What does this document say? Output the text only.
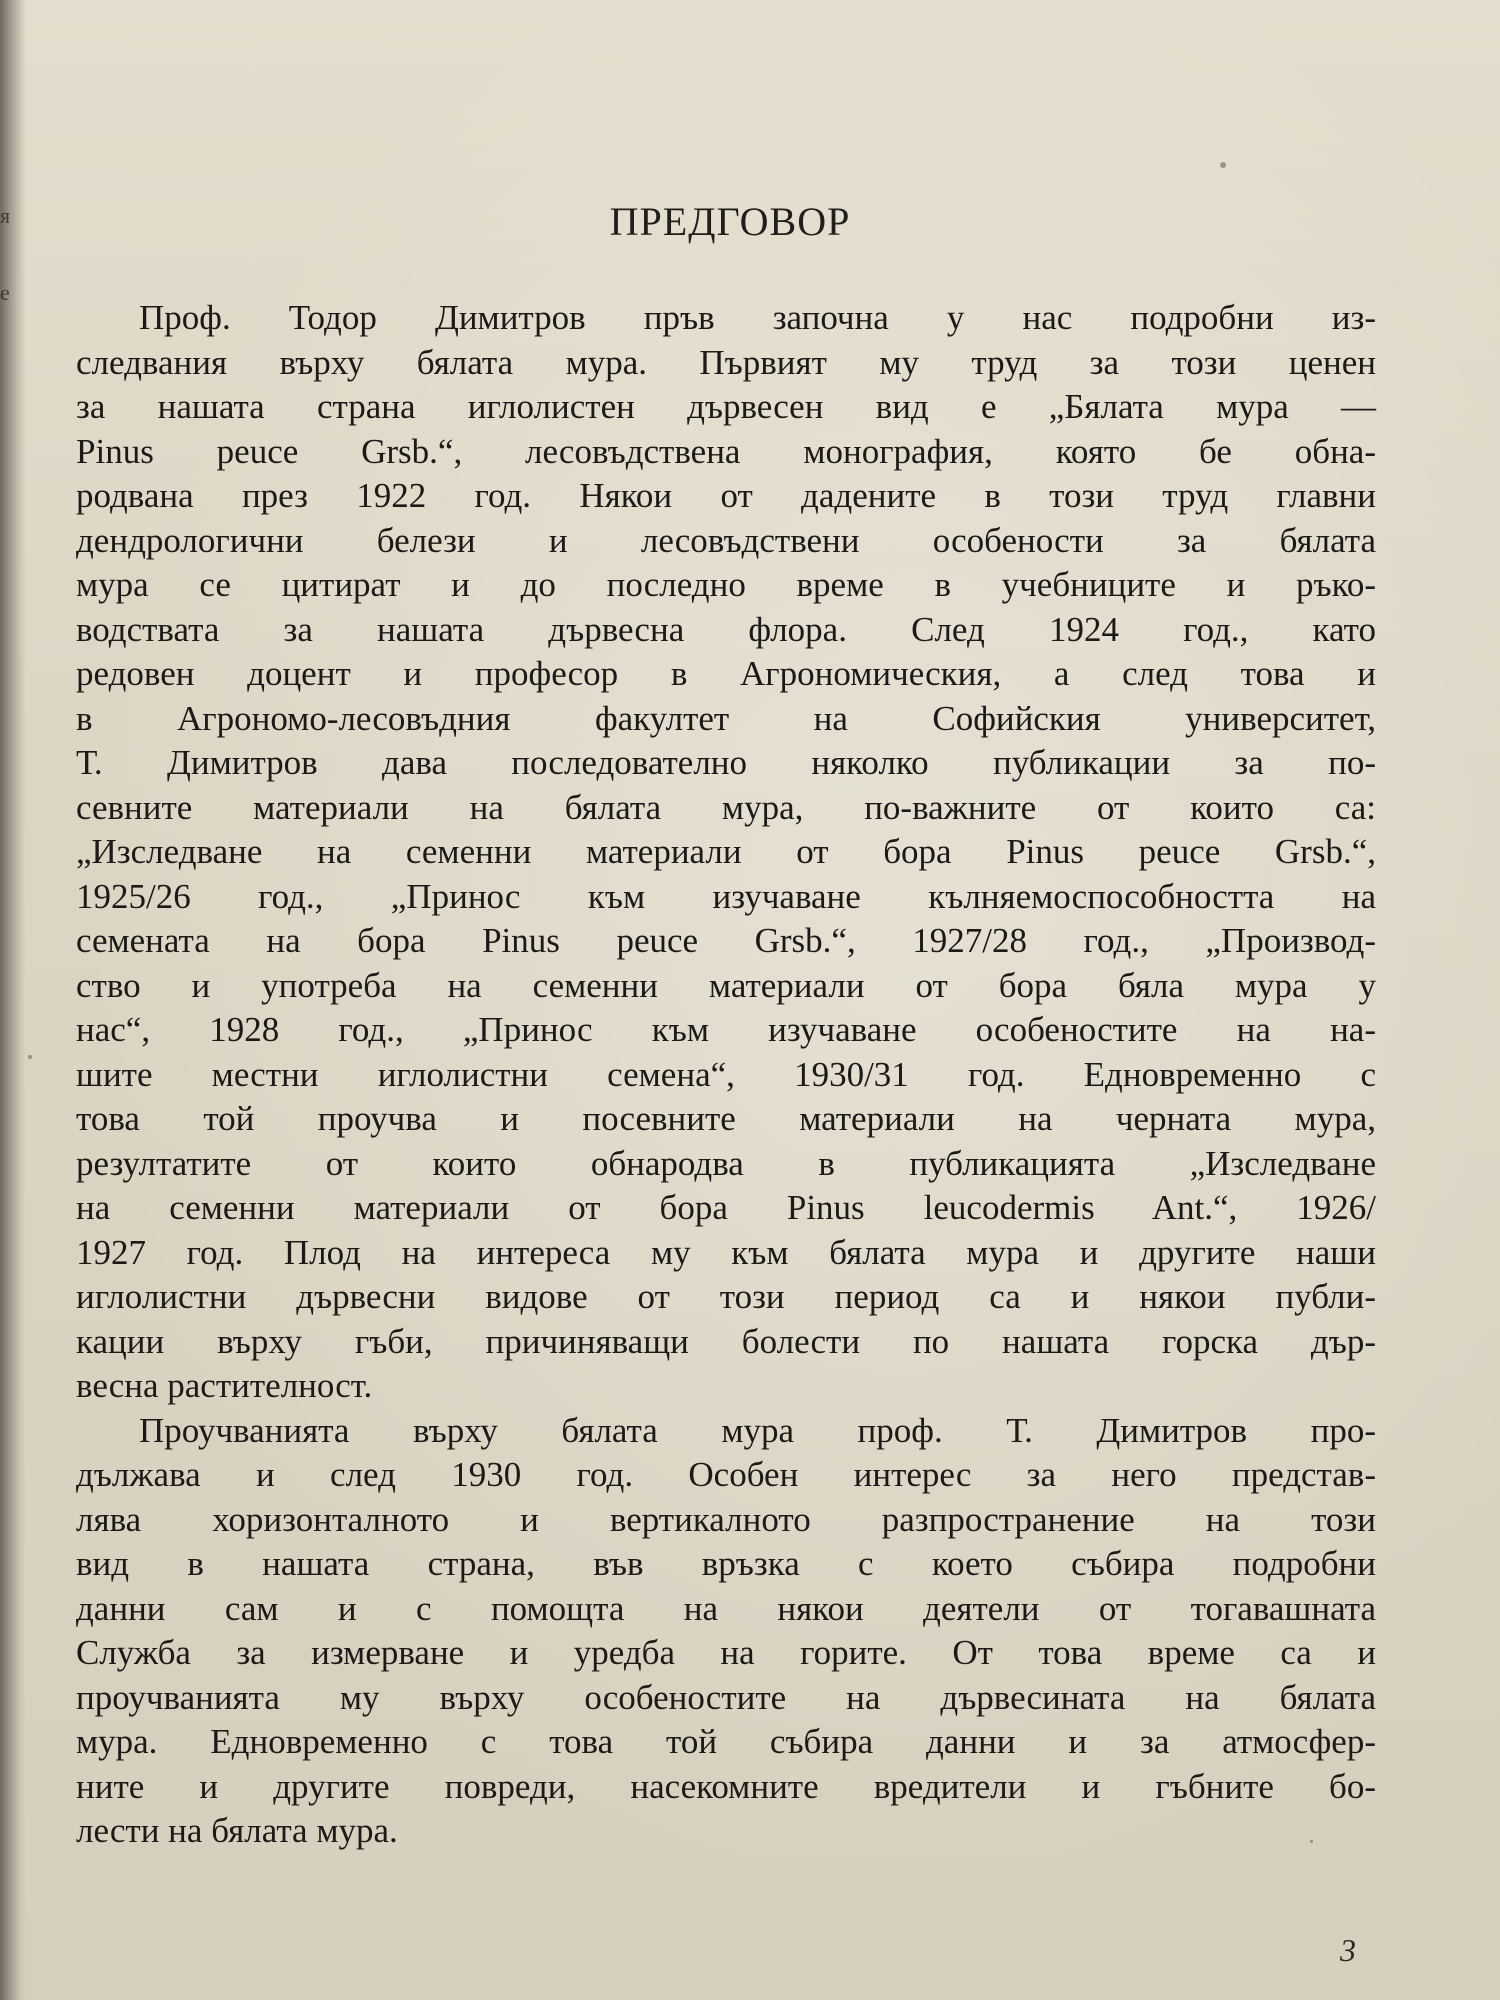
я
е
ПРЕДГОВОР
Проф. Тодор Димитров пръв започна у нас подробни из-
следвания върху бялата мура. Първият му труд за този ценен
за нашата страна иглолистен дървесен вид е „Бялата мура —
Pinus peuce Grsb.“, лесовъдствена монография, която бе обна-
родвана през 1922 год. Някои от дадените в този труд главни
дендрологични белези и лесовъдствени особености за бялата
мура се цитират и до последно време в учебниците и ръко-
водствата за нашата дървесна флора. След 1924 год., като
редовен доцент и професор в Агрономическия, а след това и
в Агрономо-лесовъдния факултет на Софийския университет,
Т. Димитров дава последователно няколко публикации за по-
севните материали на бялата мура, по-важните от които са:
„Изследване на семенни материали от бора Pinus peuce Grsb.“,
1925/26 год., „Принос към изучаване кълняемоспособността на
семената на бора Pinus peuce Grsb.“, 1927/28 год., „Производ-
ство и употреба на семенни материали от бора бяла мура у
нас“, 1928 год., „Принос към изучаване особеностите на на-
шите местни иглолистни семена“, 1930/31 год. Едновременно с
това той проучва и посевните материали на черната мура,
резултатите от които обнародва в публикацията „Изследване
на семенни материали от бора Pinus leucodermis Ant.“, 1926/
1927 год. Плод на интереса му към бялата мура и другите наши
иглолистни дървесни видове от този период са и някои публи-
кации върху гъби, причиняващи болести по нашата горска дър-
весна растителност.
Проучванията върху бялата мура проф. Т. Димитров про-
дължава и след 1930 год. Особен интерес за него представ-
лява хоризонталното и вертикалното разпространение на този
вид в нашата страна, във връзка с което събира подробни
данни сам и с помощта на някои деятели от тогавашната
Служба за измерване и уредба на горите. От това време са и
проучванията му върху особеностите на дървесината на бялата
мура. Едновременно с това той събира данни и за атмосфер-
ните и другите повреди, насекомните вредители и гъбните бо-
лести на бялата мура.
3
